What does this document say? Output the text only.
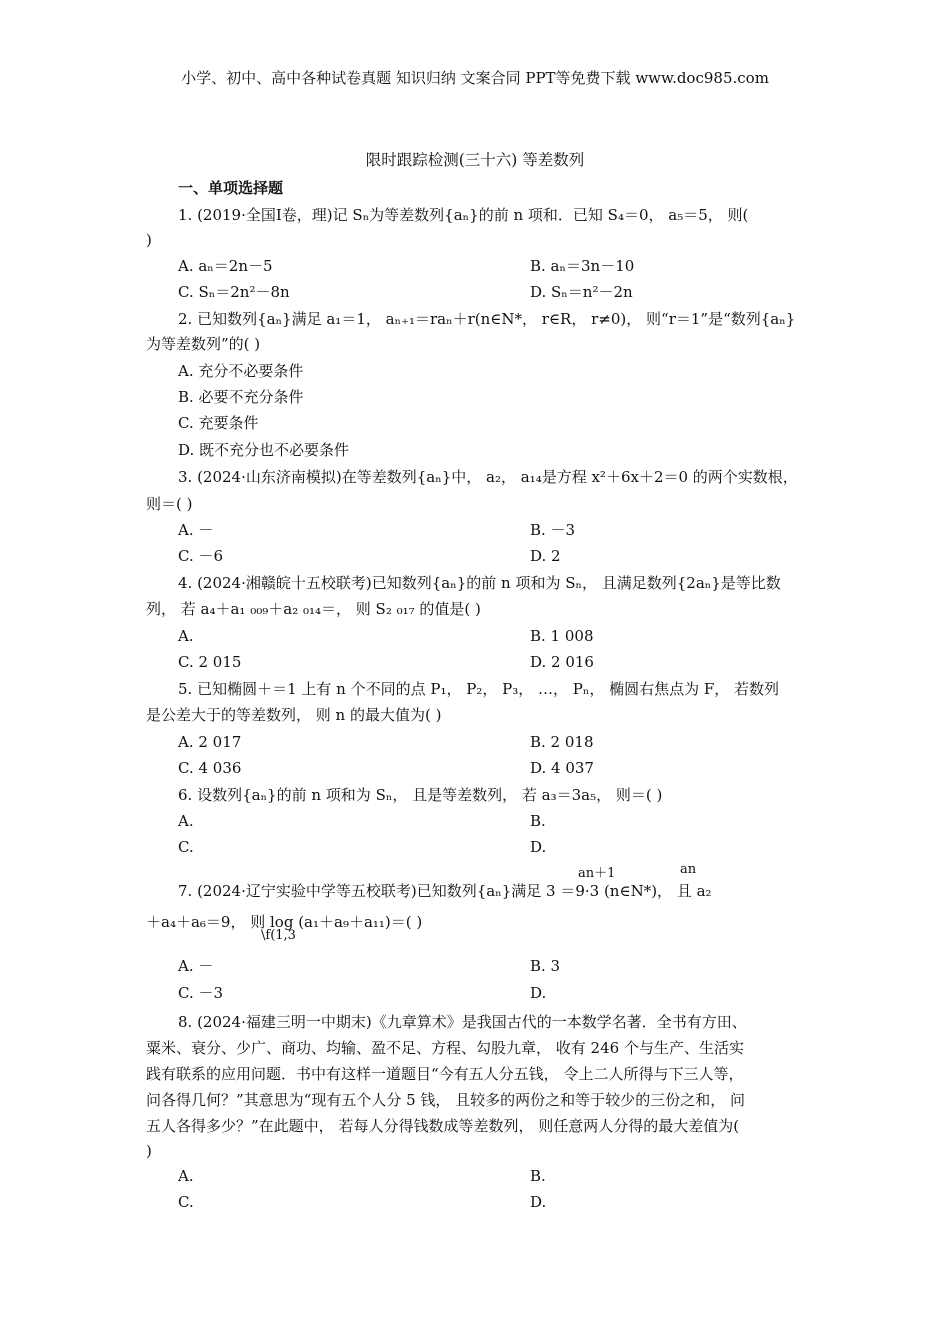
小学、初中、高中各种试卷真题 知识归纳 文案合同 PPT等免费下载 www.doc985.com
限时跟踪检测(三十六) 等差数列
一、单项选择题
1. (2019·全国Ⅰ卷，理)记 Sₙ为等差数列{aₙ}的前 n 项和．已知 S₄＝0， a₅＝5， 则(
)
A. aₙ＝2n－5	B. aₙ＝3n－10
C. Sₙ＝2n²－8n	D. Sₙ＝n²－2n
2. 已知数列{aₙ}满足 a₁＝1， aₙ₊₁＝raₙ＋r(n∈N*， r∈R， r≠0)， 则“r＝1”是“数列{aₙ}
为等差数列”的( )
A. 充分不必要条件
B. 必要不充分条件
C. 充要条件
D. 既不充分也不必要条件
3. (2024·山东济南模拟)在等差数列{aₙ}中， a₂， a₁₄是方程 x²＋6x＋2＝0 的两个实数根，
则＝( )
A. －	B. －3
C. －6	D. 2
4. (2024·湘赣皖十五校联考)已知数列{aₙ}的前 n 项和为 Sₙ， 且满足数列{2aₙ}是等比数
列， 若 a₄＋a₁ ₀₀₉＋a₂ ₀₁₄＝， 则 S₂ ₀₁₇ 的值是( )
A.	B. 1 008
C. 2 015	D. 2 016
5. 已知椭圆＋＝1 上有 n 个不同的点 P₁， P₂， P₃， …， Pₙ， 椭圆右焦点为 F， 若数列
是公差大于的等差数列， 则 n 的最大值为( )
A. 2 017	B. 2 018
C. 4 036	D. 4 037
6. 设数列{aₙ}的前 n 项和为 Sₙ， 且是等差数列， 若 a₃＝3a₅， 则＝( )
A.	B.
C.	D.
an＋1	an
7. (2024·辽宁实验中学等五校联考)已知数列{aₙ}满足 3 ＝9·3 (n∈N*)， 且 a₂
＋a₄＋a₆＝9， 则 log (a₁＋a₉＋a₁₁)＝( )
\f(1,3
A. －	B. 3
C. －3	D.
8. (2024·福建三明一中期末)《九章算术》是我国古代的一本数学名著．全书有方田、
粟米、衰分、少广、商功、均输、盈不足、方程、勾股九章， 收有 246 个与生产、生活实
践有联系的应用问题．书中有这样一道题目“今有五人分五钱， 令上二人所得与下三人等，
问各得几何？”其意思为“现有五个人分 5 钱， 且较多的两份之和等于较少的三份之和， 问
五人各得多少？”在此题中， 若每人分得钱数成等差数列， 则任意两人分得的最大差值为(
)
A.	B.
C.	D.
